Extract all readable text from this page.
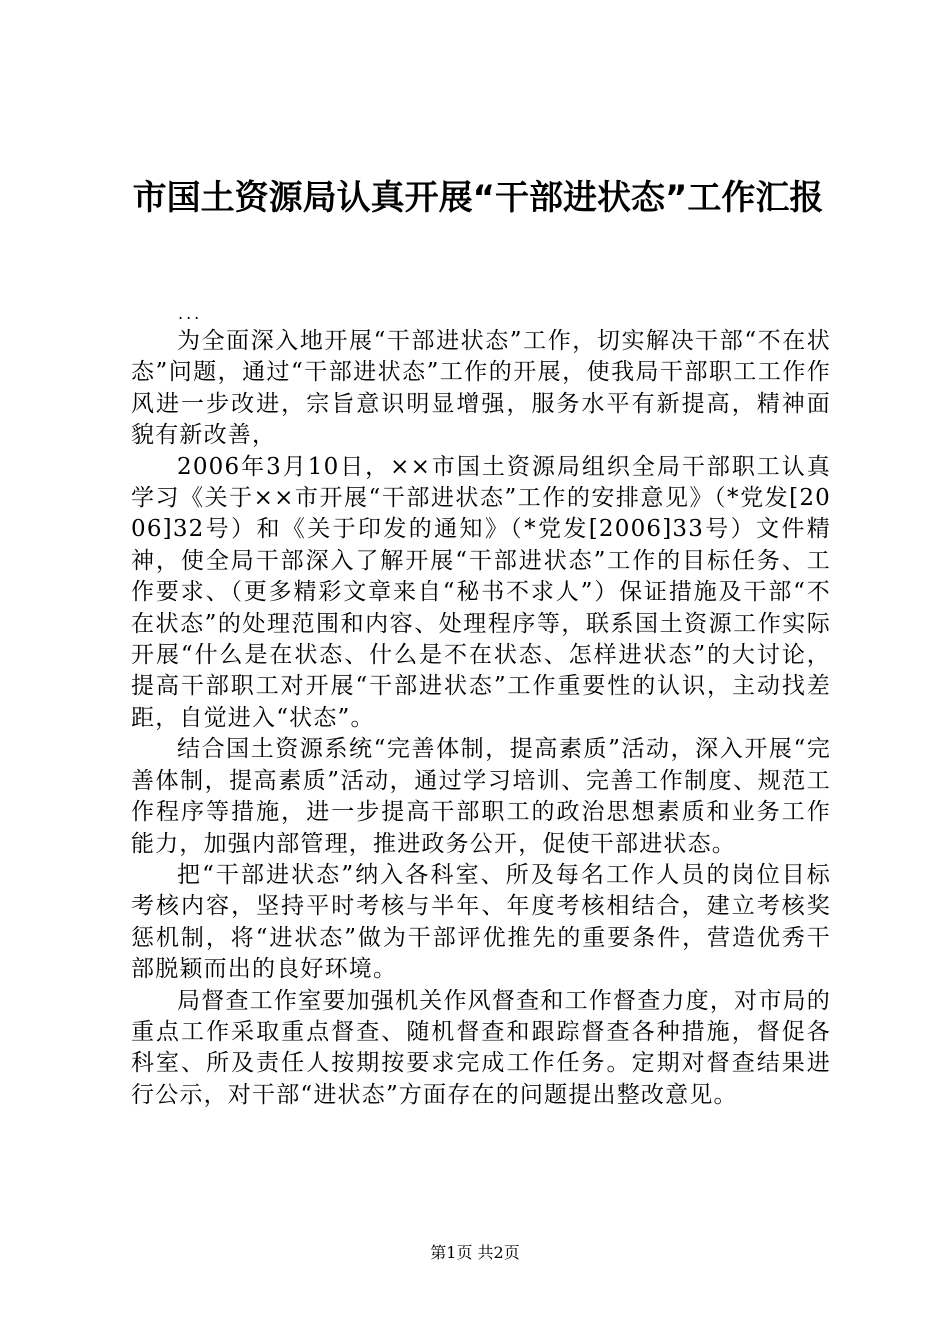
市国土资源局认真开展“干部进状态”工作汇报
...

为全面深入地开展“干部进状态”工作，切实解决干部“不在状态”问题，通过“干部进状态”工作的开展，使我局干部职工工作作风进一步改进，宗旨意识明显增强，服务水平有新提高，精神面貌有新改善，

2006年3月10日，××市国土资源局组织全局干部职工认真学习《关于××市开展“干部进状态”工作的安排意见》（*党发[2006]32号）和《关于印发的通知》（*党发[2006]33号）文件精神，使全局干部深入了解开展“干部进状态”工作的目标任务、工作要求、（更多精彩文章来自“秘书不求人”）保证措施及干部“不在状态”的处理范围和内容、处理程序等，联系国土资源工作实际开展“什么是在状态、什么是不在状态、怎样进状态”的大讨论，提高干部职工对开展“干部进状态”工作重要性的认识，主动找差距，自觉进入“状态”。

结合国土资源系统“完善体制，提高素质”活动，深入开展“完善体制，提高素质”活动，通过学习培训、完善工作制度、规范工作程序等措施，进一步提高干部职工的政治思想素质和业务工作能力，加强内部管理，推进政务公开，促使干部进状态。

把“干部进状态”纳入各科室、所及每名工作人员的岗位目标考核内容，坚持平时考核与半年、年度考核相结合，建立考核奖惩机制，将“进状态”做为干部评优推先的重要条件，营造优秀干部脱颖而出的良好环境。

局督查工作室要加强机关作风督查和工作督查力度，对市局的重点工作采取重点督查、随机督查和跟踪督查各种措施，督促各科室、所及责任人按期按要求完成工作任务。定期对督查结果进行公示，对干部“进状态”方面存在的问题提出整改意见。

第1页 共2页
